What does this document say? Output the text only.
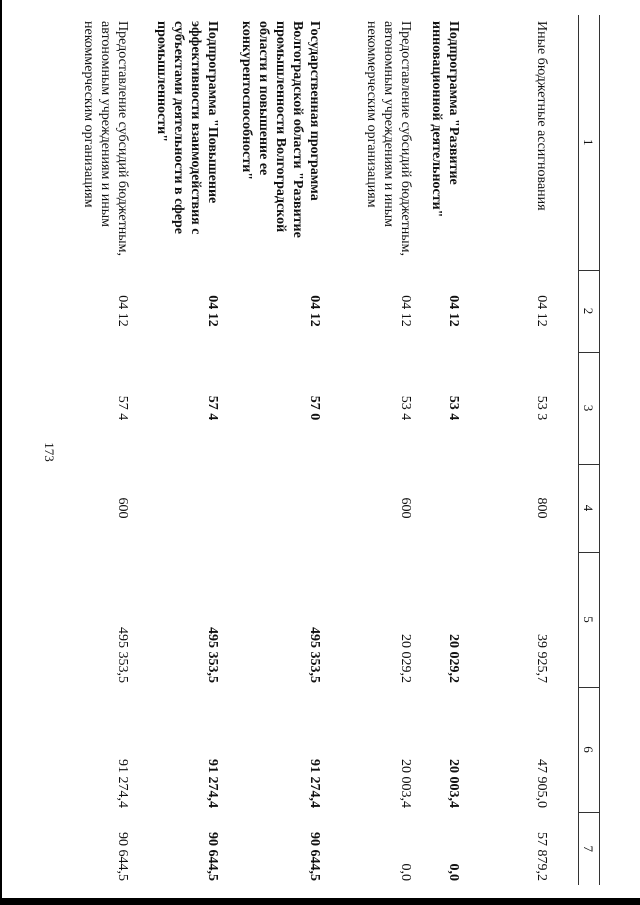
173
1	2	3	4	5	6	7

Иные бюджетные ассигнования	04 12	53 3	800	39 925,7	47 905,0	57 879,2
Подпрограмма "Развитие инновационной деятельности"	04 12	53 4		20 029,2	20 003,4	0,0
Предоставление субсидий бюджетным, автономным учреждениям и иным некоммерческим организациям	04 12	53 4	600	20 029,2	20 003,4	0,0
Государственная программа Волгоградской области "Развитие промышленности Волгоградской области и повышение ее конкурентоспособности"	04 12	57 0		495 353,5	91 274,4	90 644,5
Подпрограмма "Повышение эффективности взаимодействия с субъектами деятельности в сфере промышленности"	04 12	57 4		495 353,5	91 274,4	90 644,5
Предоставление субсидий бюджетным, автономным учреждениям и иным некоммерческим организациям	04 12	57 4	600	495 353,5	91 274,4	90 644,5
